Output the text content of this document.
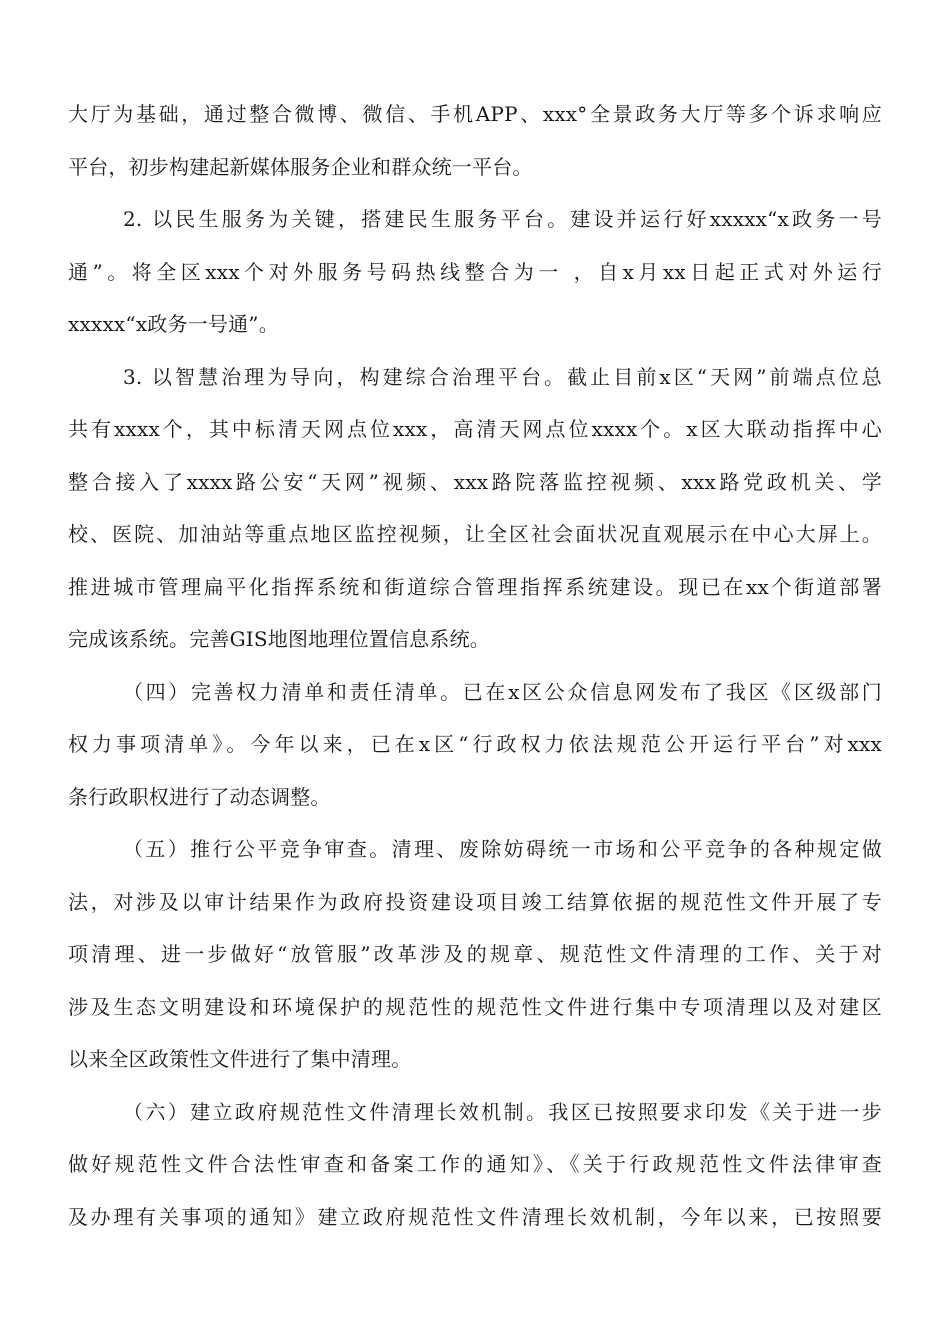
大厅为基础，通过整合微博、微信、手机APP、xxx°全景政务大厅等多个诉求响应
平台，初步构建起新媒体服务企业和群众统一平台。
2. 以民生服务为关键，搭建民生服务平台。建设并运行好xxxxx“x政务一号
通”。将全区xxx个对外服务号码热线整合为一 ，自x月xx日起正式对外运行
xxxxx“x政务一号通”。
3. 以智慧治理为导向，构建综合治理平台。截止目前x区“天网”前端点位总
共有xxxx个，其中标清天网点位xxx，高清天网点位xxxx个。x区大联动指挥中心
整合接入了xxxx路公安“天网”视频、xxx路院落监控视频、xxx路党政机关、学
校、医院、加油站等重点地区监控视频，让全区社会面状况直观展示在中心大屏上。
推进城市管理扁平化指挥系统和街道综合管理指挥系统建设。现已在xx个街道部署
完成该系统。完善GIS地图地理位置信息系统。
（四）完善权力清单和责任清单。已在x区公众信息网发布了我区《区级部门
权力事项清单》。今年以来，已在x区“行政权力依法规范公开运行平台”对xxx
条行政职权进行了动态调整。
（五）推行公平竞争审查。清理、废除妨碍统一市场和公平竞争的各种规定做
法，对涉及以审计结果作为政府投资建设项目竣工结算依据的规范性文件开展了专
项清理、进一步做好“放管服”改革涉及的规章、规范性文件清理的工作、关于对
涉及生态文明建设和环境保护的规范性的规范性文件进行集中专项清理以及对建区
以来全区政策性文件进行了集中清理。
（六）建立政府规范性文件清理长效机制。我区已按照要求印发《关于进一步
做好规范性文件合法性审查和备案工作的通知》、《关于行政规范性文件法律审查
及办理有关事项的通知》建立政府规范性文件清理长效机制，今年以来，已按照要
